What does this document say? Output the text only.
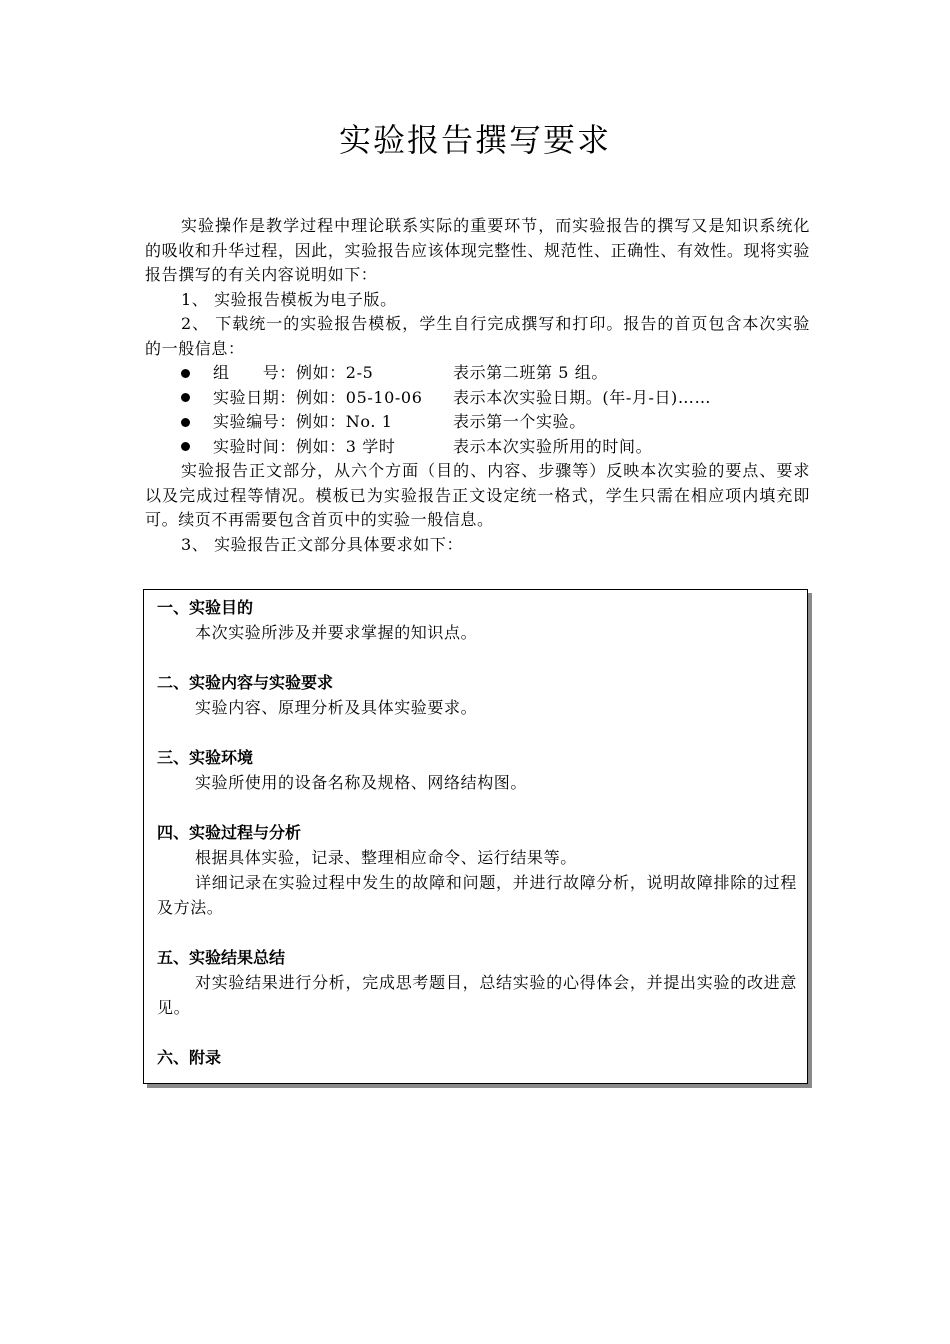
实验报告撰写要求

实验操作是教学过程中理论联系实际的重要环节，而实验报告的撰写又是知识系统化的吸收和升华过程，因此，实验报告应该体现完整性、规范性、正确性、有效性。现将实验报告撰写的有关内容说明如下：

1、 实验报告模板为电子版。

2、 下载统一的实验报告模板，学生自行完成撰写和打印。报告的首页包含本次实验的一般信息：

组　　号：例如：2-5	表示第二班第 5 组。
实验日期：例如：05-10-06	表示本次实验日期。(年-月-日)……
实验编号：例如：No. 1	表示第一个实验。
实验时间：例如：3 学时	表示本次实验所用的时间。

实验报告正文部分，从六个方面（目的、内容、步骤等）反映本次实验的要点、要求以及完成过程等情况。模板已为实验报告正文设定统一格式，学生只需在相应项内填充即可。续页不再需要包含首页中的实验一般信息。

3、 实验报告正文部分具体要求如下：

一、实验目的

本次实验所涉及并要求掌握的知识点。

二、实验内容与实验要求

实验内容、原理分析及具体实验要求。

三、实验环境

实验所使用的设备名称及规格、网络结构图。

四、实验过程与分析

根据具体实验，记录、整理相应命令、运行结果等。

详细记录在实验过程中发生的故障和问题，并进行故障分析，说明故障排除的过程及方法。

五、实验结果总结

对实验结果进行分析，完成思考题目，总结实验的心得体会，并提出实验的改进意见。

六、附录
